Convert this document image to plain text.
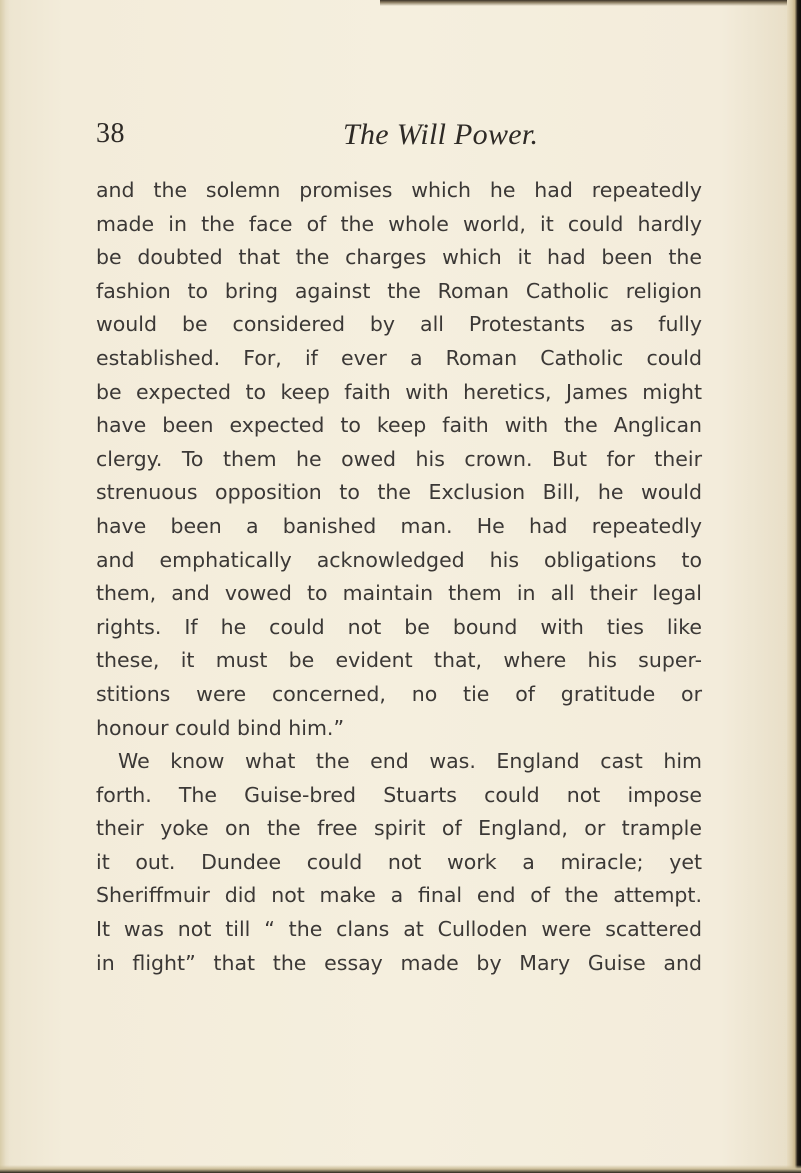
38	The Will Power.
and the solemn promises which he had repeatedly
made in the face of the whole world, it could hardly
be doubted that the charges which it had been the
fashion to bring against the Roman Catholic religion
would be considered by all Protestants as fully
established. For, if ever a Roman Catholic could
be expected to keep faith with heretics, James might
have been expected to keep faith with the Anglican
clergy. To them he owed his crown. But for their
strenuous opposition to the Exclusion Bill, he would
have been a banished man. He had repeatedly
and emphatically acknowledged his obligations to
them, and vowed to maintain them in all their legal
rights. If he could not be bound with ties like
these, it must be evident that, where his super-
stitions were concerned, no tie of gratitude or
honour could bind him.”
We know what the end was. England cast him
forth. The Guise-bred Stuarts could not impose
their yoke on the free spirit of England, or trample
it out. Dundee could not work a miracle; yet
Sheriffmuir did not make a final end of the attempt.
It was not till “ the clans at Culloden were scattered
in flight” that the essay made by Mary Guise and
